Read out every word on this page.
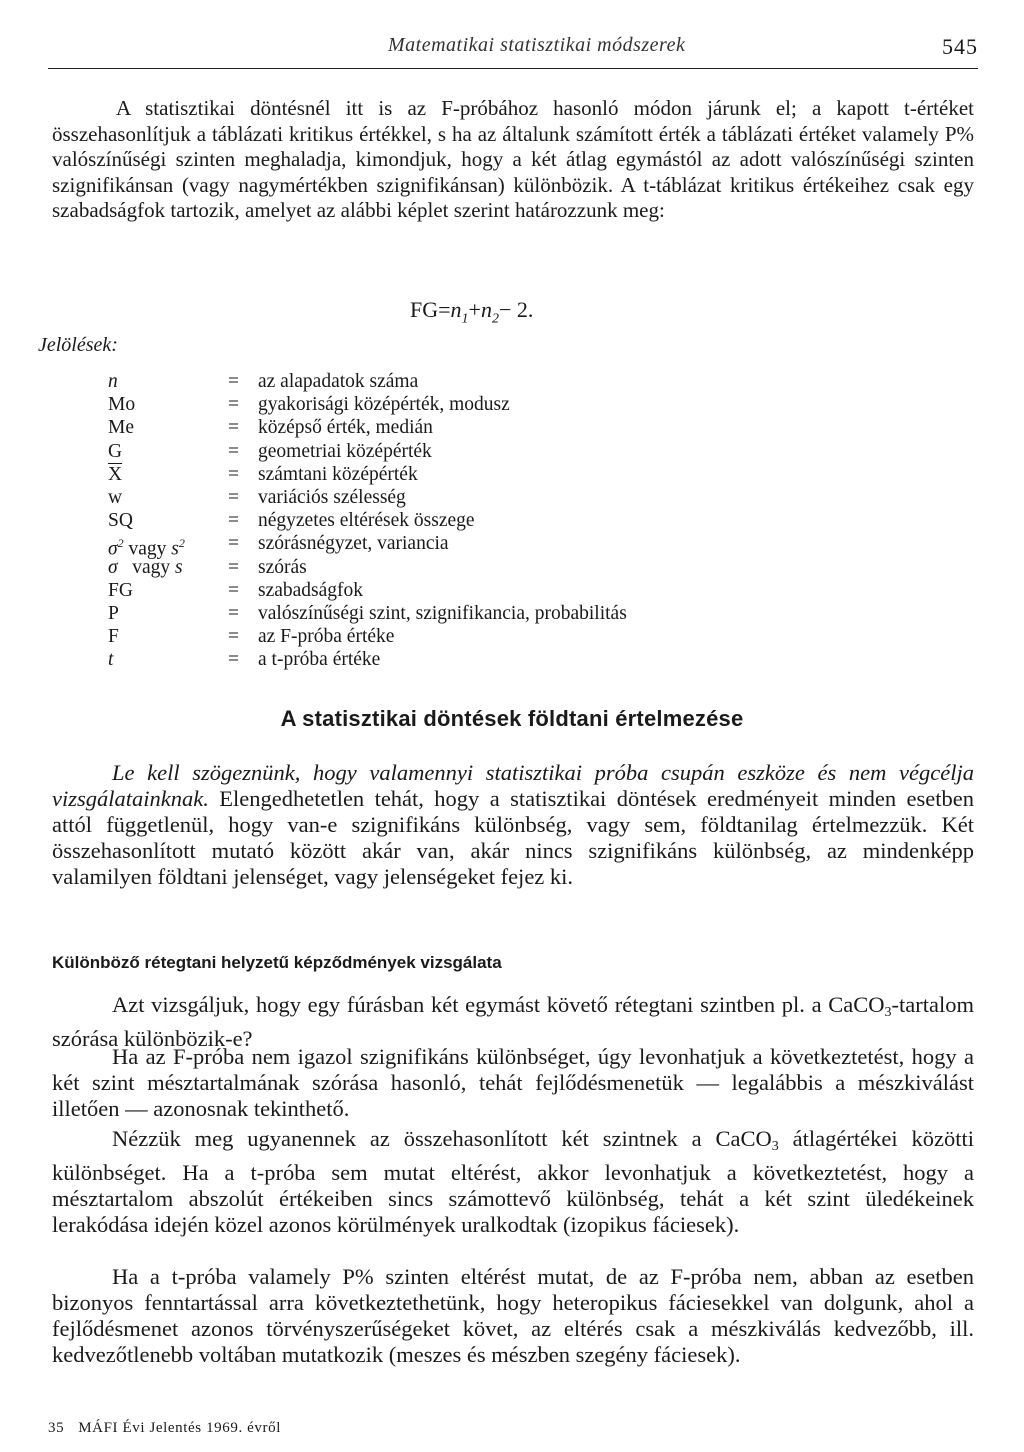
Matematikai statisztikai módszerek	545

A statisztikai döntésnél itt is az F-próbához hasonló módon járunk el; a kapott t-értéket összehasonlítjuk a táblázati kritikus értékkel, s ha az általunk számított érték a táblázati értéket valamely P% valószínűségi szinten meghaladja, kimondjuk, hogy a két átlag egymástól az adott valószínűségi szinten szignifikánsan (vagy nagymértékben szignifikánsan) különbözik. A t-táblázat kritikus értékeihez csak egy szabadságfok tartozik, amelyet az alábbi képlet szerint határozzunk meg:

$FG=n_1+n_2- 2$.
Jelölések:
n	= az alapadatok száma
Mo	= gyakorisági középérték, modusz
Me	= középső érték, medián
G	= geometriai középérték
$\overline{X}$	= számtani középérték
w	= variációs szélesség
SQ	= négyzetes eltérések összege
$\sigma^2$ vagy $s^2$ = szórásnégyzet, variancia
σ vagy s = szórás
FG	= szabadságfok
P	= valószínűségi szint, szignifikancia, probabilitás
F	= az F-próba értéke
t	= a t-próba értéke
A statisztikai döntések földtani értelmezése

Le kell szögeznünk, hogy valamennyi statisztikai próba csupán eszköze és nem végcélja vizsgálatainknak. Elengedhetetlen tehát, hogy a statisztikai döntések eredményeit minden esetben attól függetlenül, hogy van-e szignifikáns különbség, vagy sem, földtanilag értelmezzük. Két összehasonlított mutató között akár van, akár nincs szignifikáns különbség, az mindenképp valamilyen földtani jelenséget, vagy jelenségeket fejez ki.

Különböző rétegtani helyzetű képződmények vizsgálata

Azt vizsgáljuk, hogy egy fúrásban két egymást követő rétegtani szintben pl. a CaCO$_3$-tartalom szórása különbözik-e?

Ha az F-próba nem igazol szignifikáns különbséget, úgy levonhatjuk a következtetést, hogy a két szint mésztartalmának szórása hasonló, tehát fejlődésmenetük — legalábbis a mészkiválást illetően — azonosnak tekinthető.

Nézzük meg ugyanennek az összehasonlított két szintnek a CaCO$_3$ átlagértékei közötti különbséget. Ha a t-próba sem mutat eltérést, akkor levonhatjuk a következtetést, hogy a mésztartalom abszolút értékeiben sincs számottevő különbség, tehát a két szint üledékeinek lerakódása idején közel azonos körülmények uralkodtak (izopikus fáciesek).

Ha a t-próba valamely P% szinten eltérést mutat, de az F-próba nem, abban az esetben bizonyos fenntartással arra következtethetünk, hogy heteropikus fáciesekkel van dolgunk, ahol a fejlődésmenet azonos törvényszerűségeket követ, az eltérés csak a mészkiválás kedvezőbb, ill. kedvezőtlenebb voltában mutatkozik (meszes és mészben szegény fáciesek).

35 MÁFI Évi Jelentés 1969. évről
